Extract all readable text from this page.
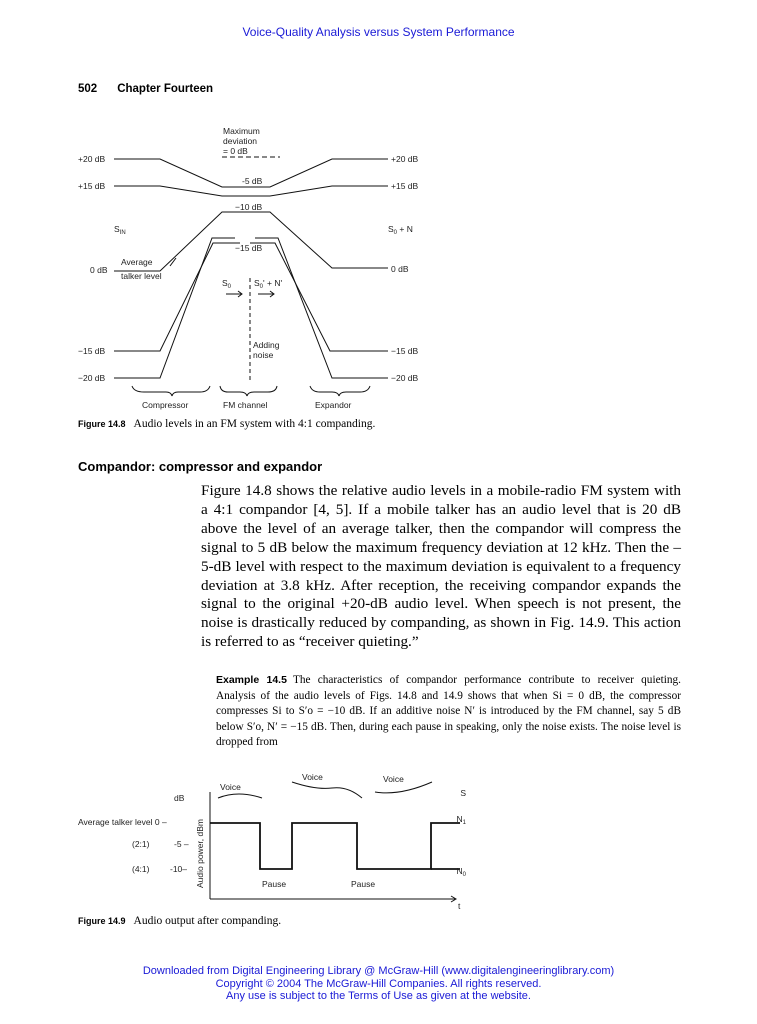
Voice-Quality Analysis versus System Performance
502 Chapter Fourteen
Maximum
deviation
= 0 dB
+20 dB
+15 dB
0 dB
−15 dB
−20 dB
+20 dB
+15 dB
0 dB
−15 dB
−20 dB
-5 dB
−10 dB
−15 dB
$S_{IN}$	$S_0 + N$
Average
talker level
$S_0$	$S_0' + N'$
Adding
noise
Compressor	FM channel	Expandor
Figure 14.8 Audio levels in an FM system with 4:1 companding.
Compandor: compressor and expandor
Figure 14.8 shows the relative audio levels in a mobile-radio FM system with a 4:1 compandor [4, 5]. If a mobile talker has an audio level that is 20 dB above the level of an average talker, then the compandor will compress the signal to 5 dB below the maximum frequency deviation at 12 kHz. Then the –5-dB level with respect to the maximum deviation is equivalent to a frequency deviation at 3.8 kHz. After reception, the receiving compandor expands the signal to the original +20-dB audio level. When speech is not present, the noise is drastically reduced by companding, as shown in Fig. 14.9. This action is referred to as “receiver quieting.”
Example 14.5 The characteristics of compandor performance contribute to receiver quieting. Analysis of the audio levels of Figs. 14.8 and 14.9 shows that when Si = 0 dB, the compressor compresses Si to S′o = −10 dB. If an additive noise N′ is introduced by the FM channel, say 5 dB below S′o, N′ = −15 dB. Then, during each pause in speaking, only the noise exists. The noise level is dropped from
Voice
Voice	Voice
dB
Average talker level 0 –
(2:1)	-5 –
(4:1) -10– Audio power, dBm	Pause	Pause
S
$N_1$
$N_0$
t
Figure 14.9 Audio output after companding.
Downloaded from Digital Engineering Library @ McGraw-Hill (www.digitalengineeringlibrary.com)
Copyright © 2004 The McGraw-Hill Companies. All rights reserved.
Any use is subject to the Terms of Use as given at the website.
